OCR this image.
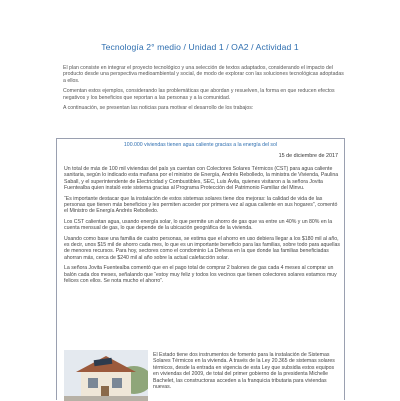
Tecnología 2° medio / Unidad 1 / OA2 / Actividad 1

El plan consiste en integrar el proyecto tecnológico y una selección de textos adaptados, considerando el impacto del producto desde una perspectiva medioambiental y social, de modo de explorar con las soluciones tecnológicas adoptadas a ellos.

Comentan estos ejemplos, considerando las problemáticas que abordan y resuelven, la forma en que reducen efectos negativos y los beneficios que reportan a las personas y a la comunidad.

A continuación, se presentan las noticias para motivar el desarrollo de los trabajos:

100.000 viviendas tienen agua caliente gracias a la energía del sol
15 de diciembre de 2017

Un total de más de 100 mil viviendas del país ya cuentan con Colectores Solares Térmicos (CST) para agua caliente sanitaria, según lo indicado esta mañana por el ministro de Energía, Andrés Rebolledo, la ministra de Vivienda, Paulina Saball, y el superintendente de Electricidad y Combustibles, SEC, Luis Ávila, quienes visitaron a la señora Jovita Fuentealba quien instaló este sistema gracias al Programa Protección del Patrimonio Familiar del Minvu.

“Es importante destacar que la instalación de estos sistemas solares tiene dos mejoras: la calidad de vida de las personas que tienen más beneficios y les permiten acceder por primera vez al agua caliente en sus hogares”, comentó el Ministro de Energía Andrés Rebolledo.

Los CST calientan agua, usando energía solar, lo que permite un ahorro de gas que va entre un 40% y un 80% en la cuenta mensual de gas, lo que depende de la ubicación geográfica de la vivienda.

Usando como base una familia de cuatro personas, se estima que el ahorro en uso debiera llegar a los $180 mil al año, es decir, unos $15 mil de ahorro cada mes, lo que es un importante beneficio para las familias, sobre todo para aquellas de menores recursos. Para hoy, sectores como el condominio La Dehesa en la que donde las familias beneficiadas ahorran más, cerca de $240 mil al año sobre la actual calefacción solar.

La señora Jovita Fuentealba comentó que en el pago total de comprar 2 balones de gas cada 4 meses al comprar un balón cada dos meses, señalando que “estoy muy feliz y todos los vecinos que tienen colectores solares estamos muy felices con ellos. Se nota mucho el ahorro”.

El Estado tiene dos instrumentos de fomento para la instalación de Sistemas Solares Térmicos en la vivienda. A través de la Ley 20.365 de sistemas solares térmicos, desde la entrada en vigencia de esta Ley que subsidia estos equipos en viviendas del 2009, de total del primer gobierno de la presidenta Michelle Bachelet, las constructoras acceden a la franquicia tributaria para viviendas nuevas.
